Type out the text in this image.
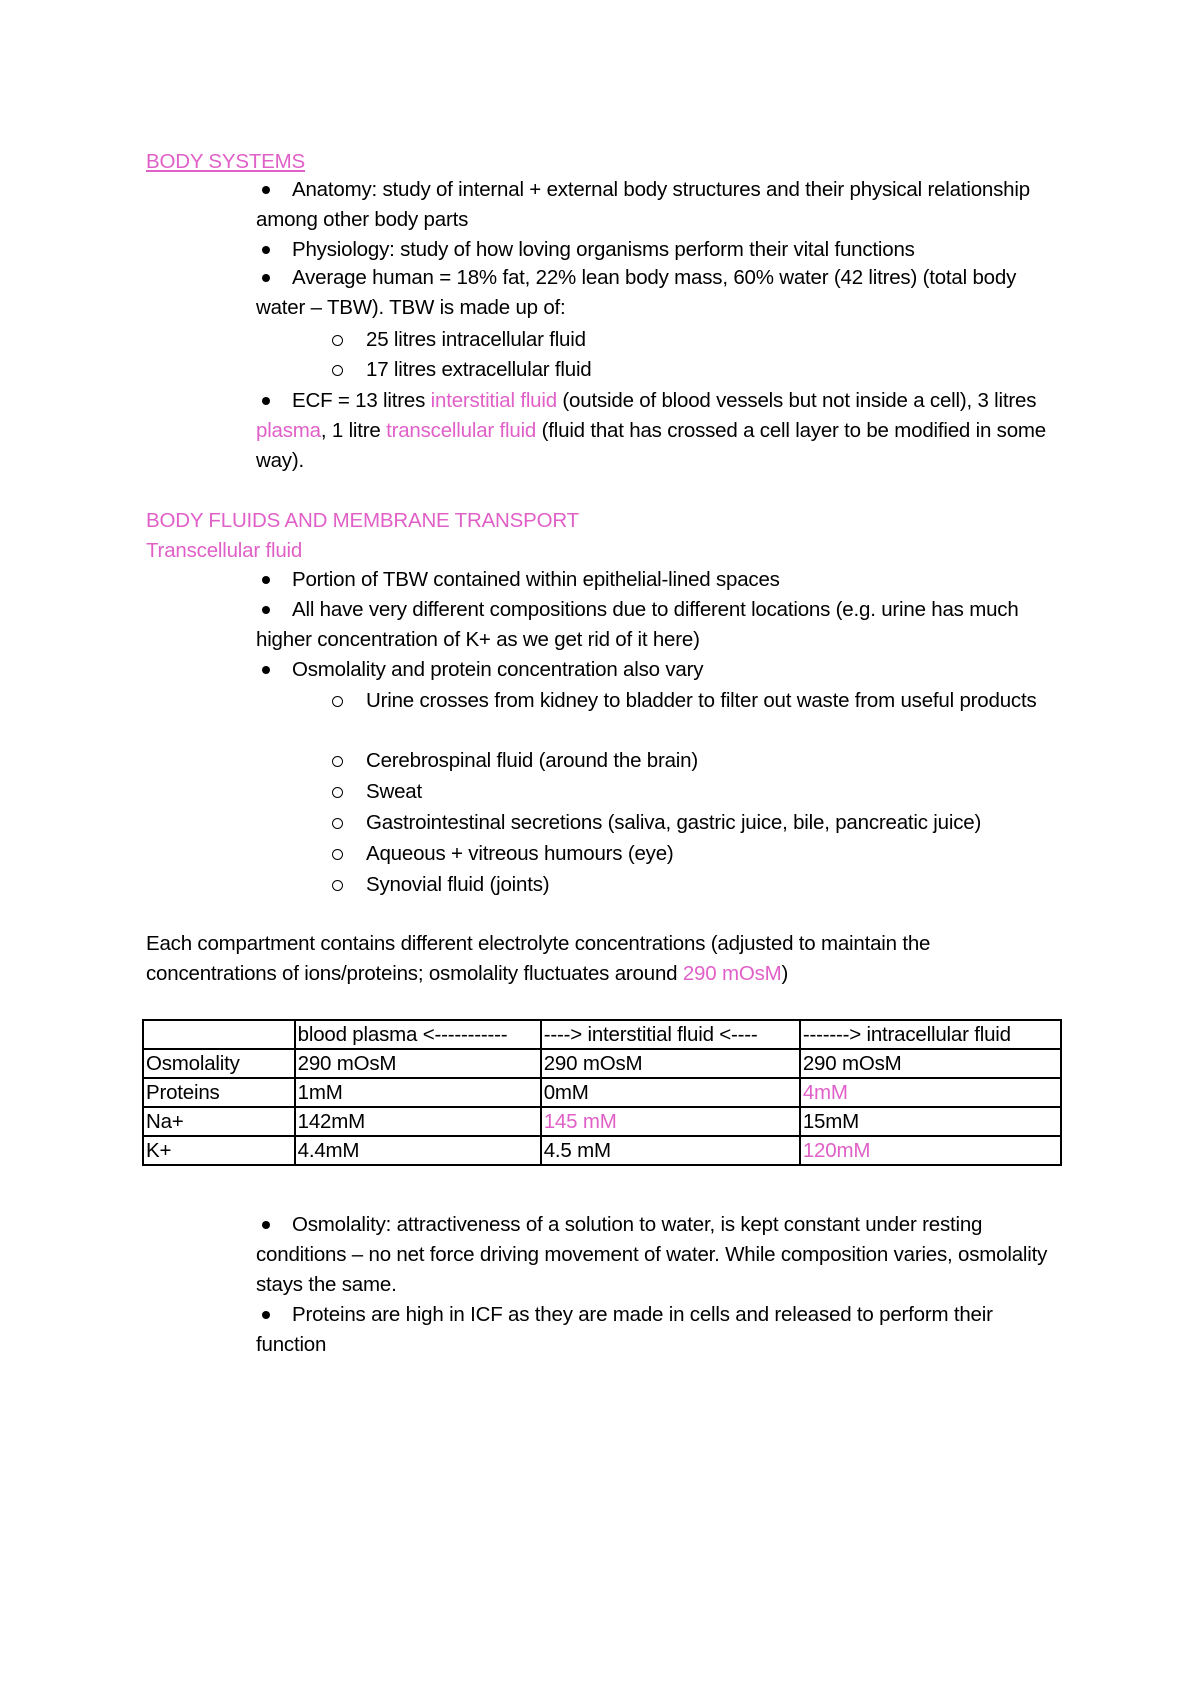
BODY SYSTEMS
Anatomy: study of internal + external body structures and their physical relationship among other body parts
Physiology: study of how loving organisms perform their vital functions
Average human = 18% fat, 22% lean body mass, 60% water (42 litres) (total body water – TBW). TBW is made up of:
25 litres intracellular fluid
17 litres extracellular fluid
ECF = 13 litres interstitial fluid (outside of blood vessels but not inside a cell), 3 litres plasma, 1 litre transcellular fluid (fluid that has crossed a cell layer to be modified in some way).
BODY FLUIDS AND MEMBRANE TRANSPORT
Transcellular fluid
Portion of TBW contained within epithelial-lined spaces
All have very different compositions due to different locations (e.g. urine has much higher concentration of K+ as we get rid of it here)
Osmolality and protein concentration also vary
Urine crosses from kidney to bladder to filter out waste from useful products
Cerebrospinal fluid (around the brain)
Sweat
Gastrointestinal secretions (saliva, gastric juice, bile, pancreatic juice)
Aqueous + vitreous humours (eye)
Synovial fluid (joints)
Each compartment contains different electrolyte concentrations (adjusted to maintain the concentrations of ions/proteins; osmolality fluctuates around 290 mOsM)
	blood plasma <-----------	----> interstitial fluid <----	-------> intracellular fluid
Osmolality	290 mOsM	290 mOsM	290 mOsM
Proteins	1mM	0mM	4mM
Na+	142mM	145 mM	15mM
K+	4.4mM	4.5 mM	120mM
Osmolality: attractiveness of a solution to water, is kept constant under resting conditions – no net force driving movement of water. While composition varies, osmolality stays the same.
Proteins are high in ICF as they are made in cells and released to perform their function
